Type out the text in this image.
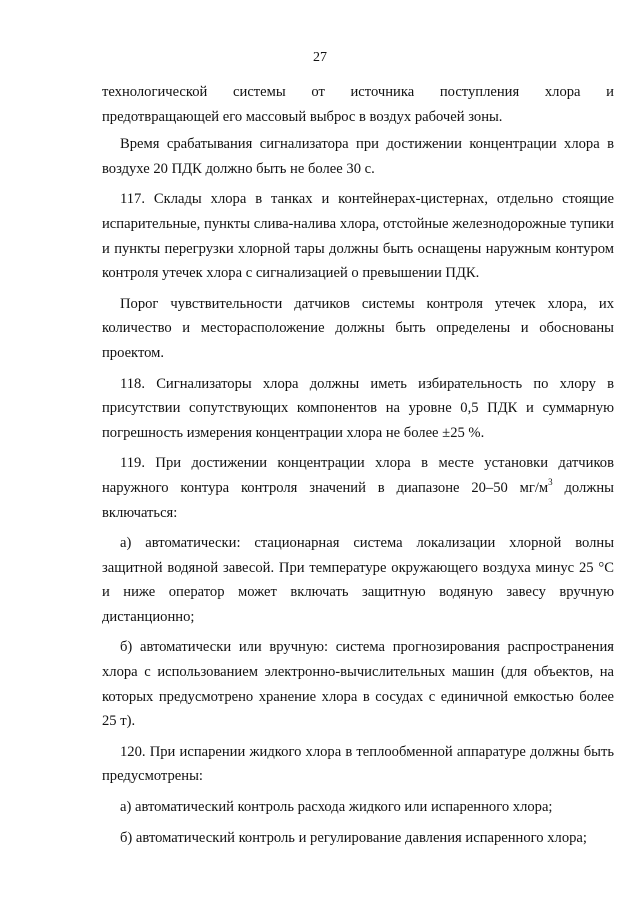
27
технологической системы от источника поступления хлора и

предотвращающей его массовый выброс в воздух рабочей зоны.

Время срабатывания сигнализатора при достижении концентрации хлора в воздухе 20 ПДК должно быть не более 30 с.

117. Склады хлора в танках и контейнерах-цистернах, отдельно стоящие испарительные, пункты слива-налива хлора, отстойные железнодорожные тупики и пункты перегрузки хлорной тары должны быть оснащены наружным контуром контроля утечек хлора с сигнализацией о превышении ПДК.

Порог чувствительности датчиков системы контроля утечек хлора, их количество и месторасположение должны быть определены и обоснованы проектом.

118. Сигнализаторы хлора должны иметь избирательность по хлору в присутствии сопутствующих компонентов на уровне 0,5 ПДК и суммарную погрешность измерения концентрации хлора не более ±25 %.

119. При достижении концентрации хлора в месте установки датчиков наружного контура контроля значений в диапазоне 20–50 $мг/м^3$ должны включаться:

а) автоматически: стационарная система локализации хлорной волны защитной водяной завесой. При температуре окружающего воздуха минус 25 °С и ниже оператор может включать защитную водяную завесу вручную дистанционно;

б) автоматически или вручную: система прогнозирования распространения хлора с использованием электронно-вычислительных машин (для объектов, на которых предусмотрено хранение хлора в сосудах с единичной емкостью более 25 т).

120. При испарении жидкого хлора в теплообменной аппаратуре должны быть предусмотрены:

а) автоматический контроль расхода жидкого или испаренного хлора;

б) автоматический контроль и регулирование давления испаренного хлора;
